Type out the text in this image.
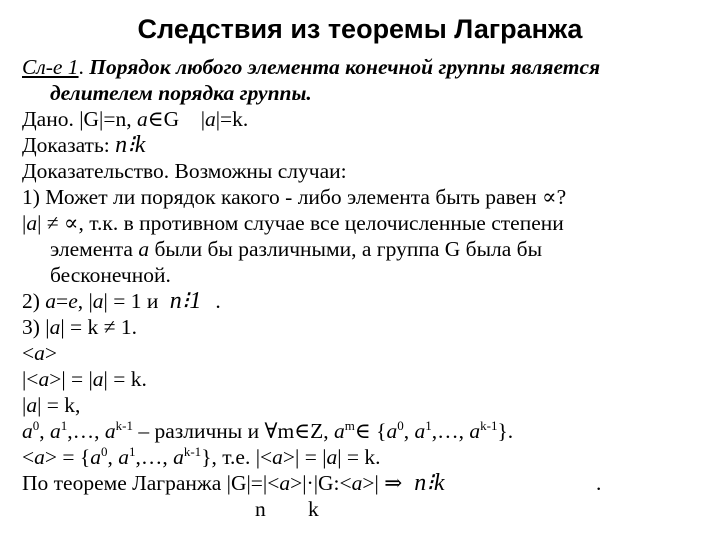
Следствия из теоремы Лагранжа
Сл-е 1. Порядок любого элемента конечной группы является
делителем порядка группы.
Дано. |G|=n, a∈G    |a|=k.
Доказать: n⁝k
Доказательство. Возможны случаи:
1) Может ли порядок какого - либо элемента быть равен ∝?
|a| ≠ ∝, т.к. в противном случае все целочисленные степени
элемента a были бы различными, а группа G была бы
бесконечной.
2) a=e, |a| = 1 и n⁝1 .
3) |a| = k ≠ 1.
<a>
|<a>| = |a| = k.
|a| = k,
$a^0$, $a^1,\dots$, $a^{k-1}$ – различны и ∀m∈Z, $a^m\in$ {$a^0$, $a^1,\dots$, $a^{k-1}$}.
$<a> = \{a^0$, $a^1,\dots$, $a^{k-1}$}, т.е. |<a>| = |a| = k.
По теореме Лагранжа |G|=|<a>|·|G:<a>| ⇒ n⁝k	.
n k
